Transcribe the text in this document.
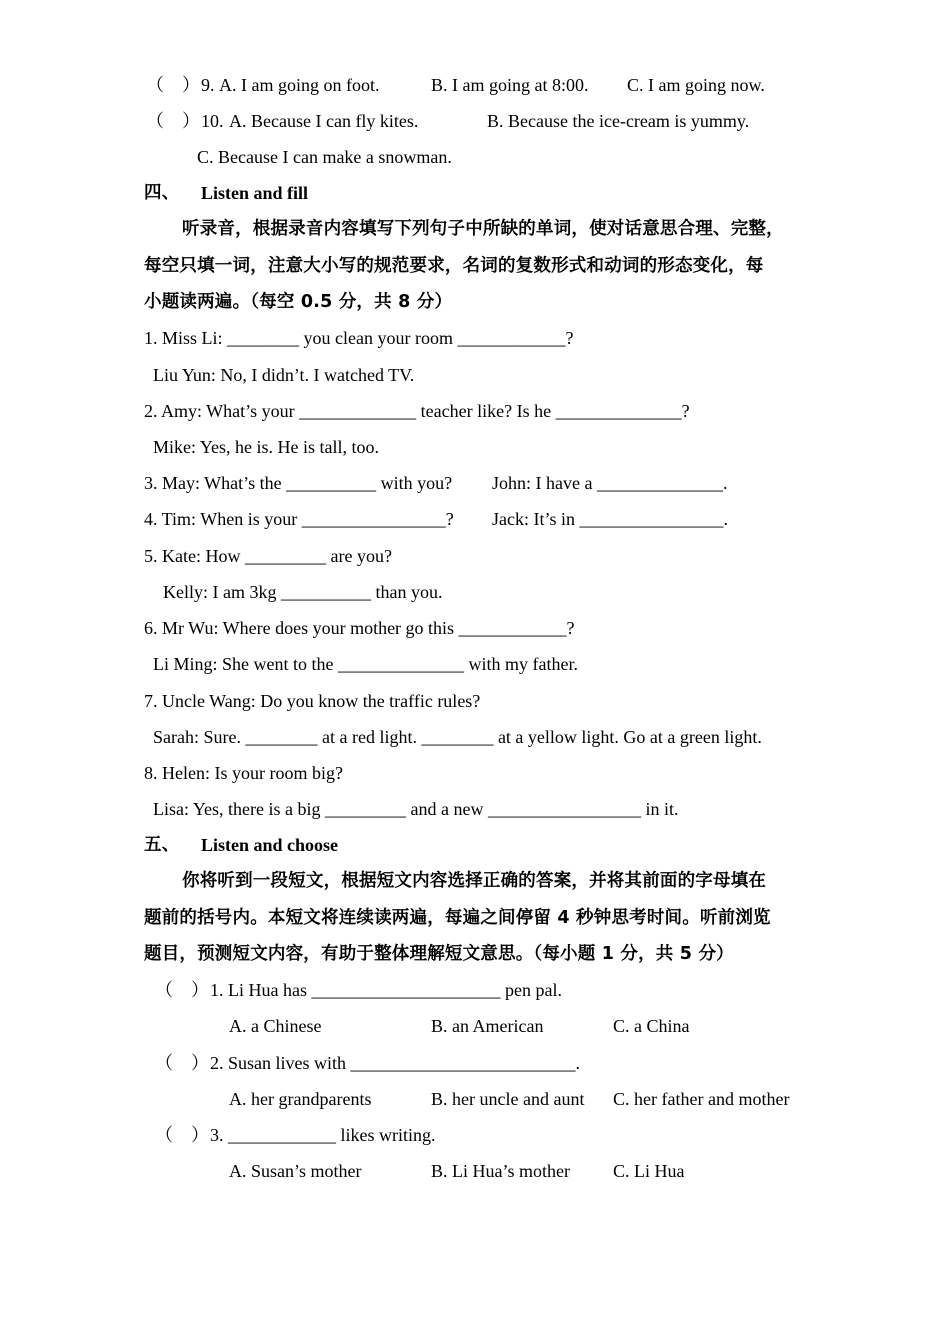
（　） 9. A. I am going on foot.	B. I am going at 8:00. C. I am going now.
（　） 10. A. Because I can fly kites.	B. Because the ice-cream is yummy.
C. Because I can make a snowman.
四、 Listen and fill
听录音，根据录音内容填写下列句子中所缺的单词，使对话意思合理、完整，
每空只填一词，注意大小写的规范要求，名词的复数形式和动词的形态变化，每
小题读两遍。（每空 0.5 分，共 8 分）
1. Miss Li: ________ you clean your room ____________?
Liu Yun: No, I didn’t. I watched TV.
2. Amy: What’s your _____________ teacher like? Is he ______________?
Mike: Yes, he is. He is tall, too.
3. May: What’s the __________ with you? John: I have a ______________.
4. Tim: When is your ________________? Jack: It’s in ________________.
5. Kate: How _________ are you?
Kelly: I am 3kg __________ than you.
6. Mr Wu: Where does your mother go this ____________?
Li Ming: She went to the ______________ with my father.
7. Uncle Wang: Do you know the traffic rules?
Sarah: Sure. ________ at a red light. ________ at a yellow light. Go at a green light.
8. Helen: Is your room big?
Lisa: Yes, there is a big _________ and a new _________________ in it.
五、 Listen and choose
你将听到一段短文，根据短文内容选择正确的答案，并将其前面的字母填在
题前的括号内。本短文将连续读两遍，每遍之间停留 4 秒钟思考时间。听前浏览
题目，预测短文内容，有助于整体理解短文意思。（每小题 1 分，共 5 分）
（　） 1. Li Hua has _____________________ pen pal.
A. a Chinese	B. an American	C. a China
（　） 2. Susan lives with _________________________.
A. her grandparents	B. her uncle and aunt C. her father and mother
（　） 3. ____________ likes writing.
A. Susan’s mother	B. Li Hua’s mother C. Li Hua
